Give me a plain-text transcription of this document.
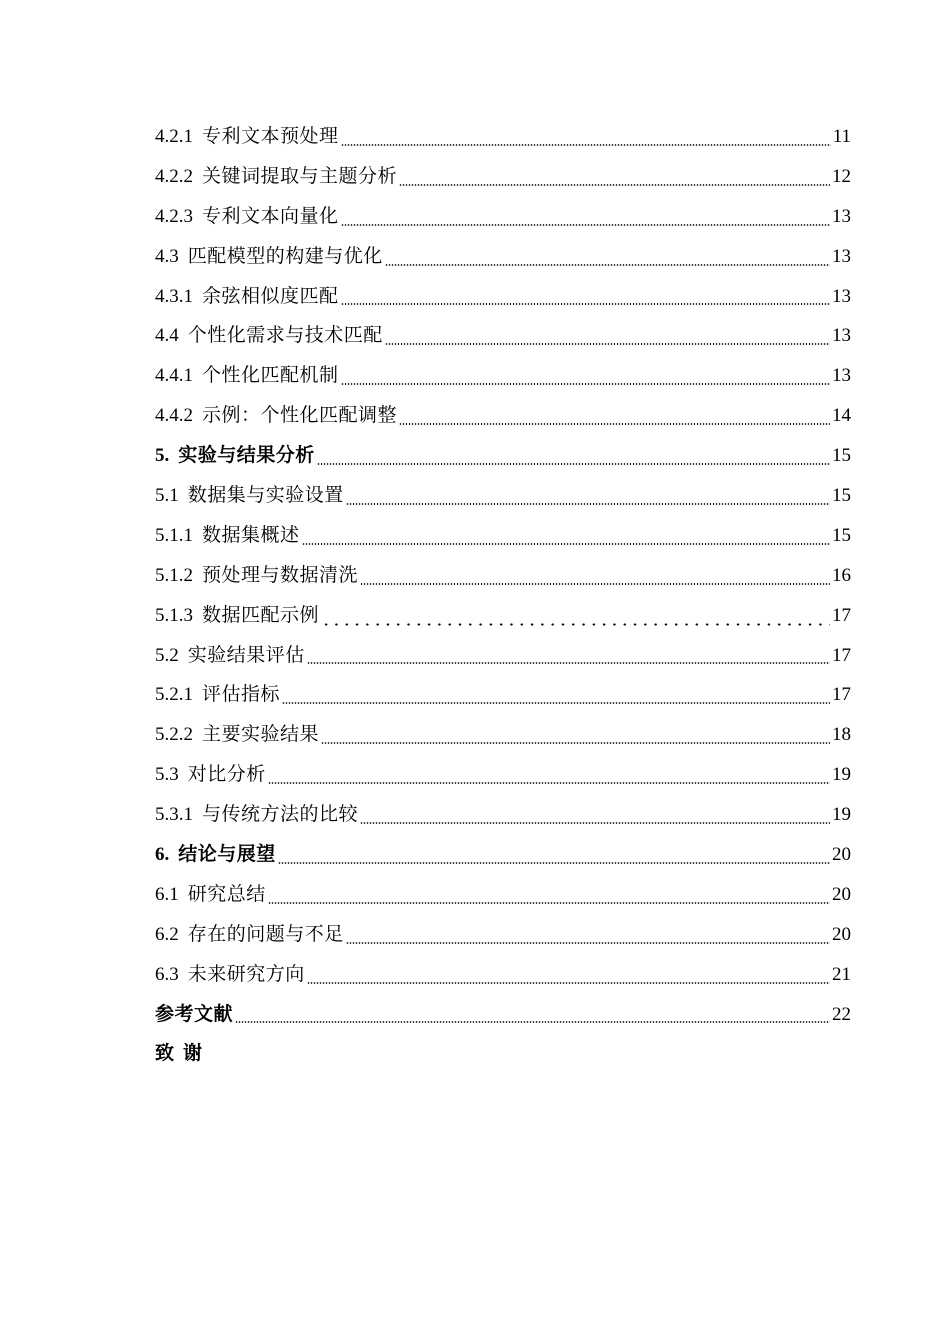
4.2.1 专利文本预处理	11
4.2.2 关键词提取与主题分析	12
4.2.3 专利文本向量化	13
4.3 匹配模型的构建与优化	13
4.3.1 余弦相似度匹配	13
4.4 个性化需求与技术匹配	13
4.4.1 个性化匹配机制	13
4.4.2 示例：个性化匹配调整	14
5. 实验与结果分析	15
5.1 数据集与实验设置	15
5.1.1 数据集概述	15
5.1.2 预处理与数据清洗	16
5.1.3 数据匹配示例	17
5.2 实验结果评估	17
5.2.1 评估指标	17
5.2.2 主要实验结果	18
5.3 对比分析	19
5.3.1 与传统方法的比较	19
6. 结论与展望	20
6.1 研究总结	20
6.2 存在的问题与不足	20
6.3 未来研究方向	21
参考文献	22
致谢
